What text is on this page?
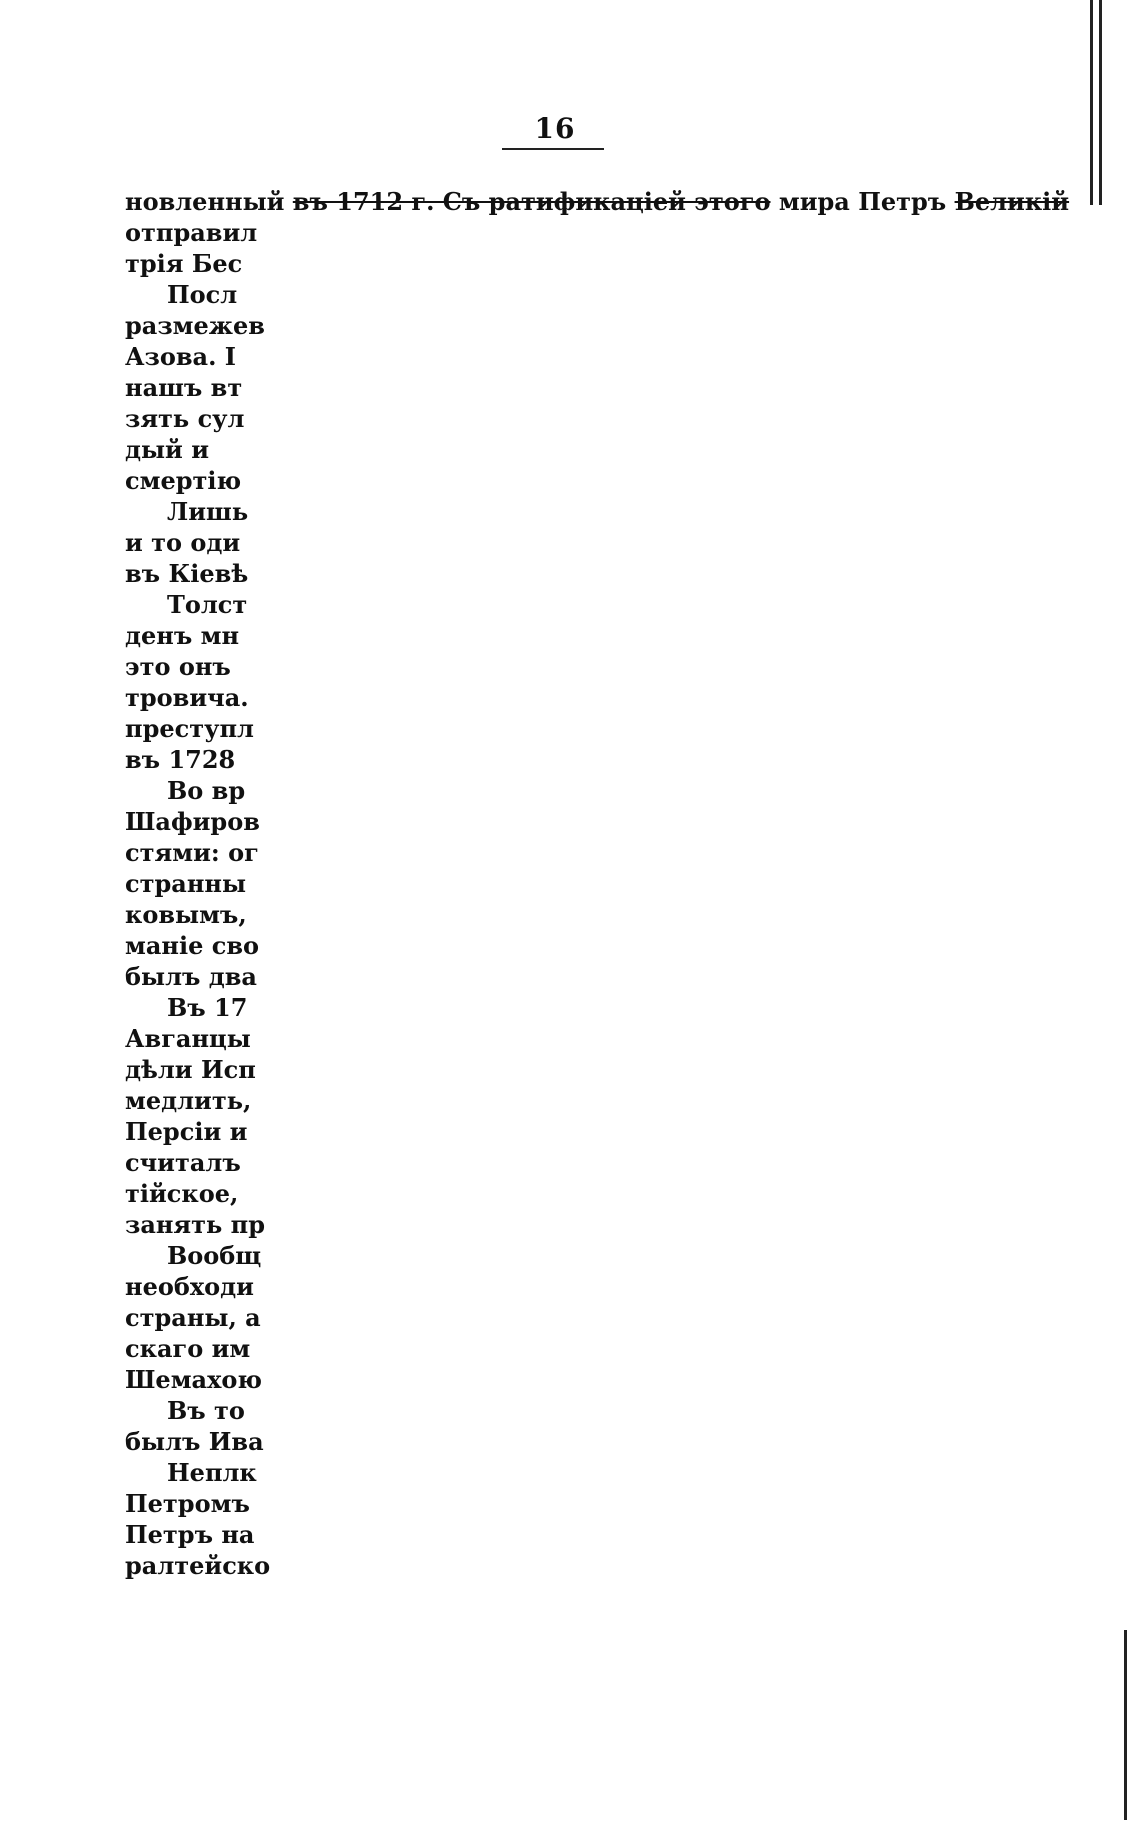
16
новленный
въ 1712 г. Съ ратификаціей этого
мира Петръ
Великій
отправил
трія Бес
Посл
размежев
Азова. I
нашъ вт
зять сул
дый и
смертію
Лишь
и то оди
въ Кіевѣ
Толст
денъ мн
это онъ
тровича.
преступл
въ 1728
Во вр
Шафиров
стями: ог
странны
ковымъ,
маніе сво
былъ два
Въ 17
Авганцы
дѣли Исп
медлить,
Персіи и
считалъ
тійское,
занять пр
Вообщ
необходи
страны, а
скаго им
Шемахою
Въ то
былъ Ива
Неплк
Петромъ
Петръ на
ралтейско
